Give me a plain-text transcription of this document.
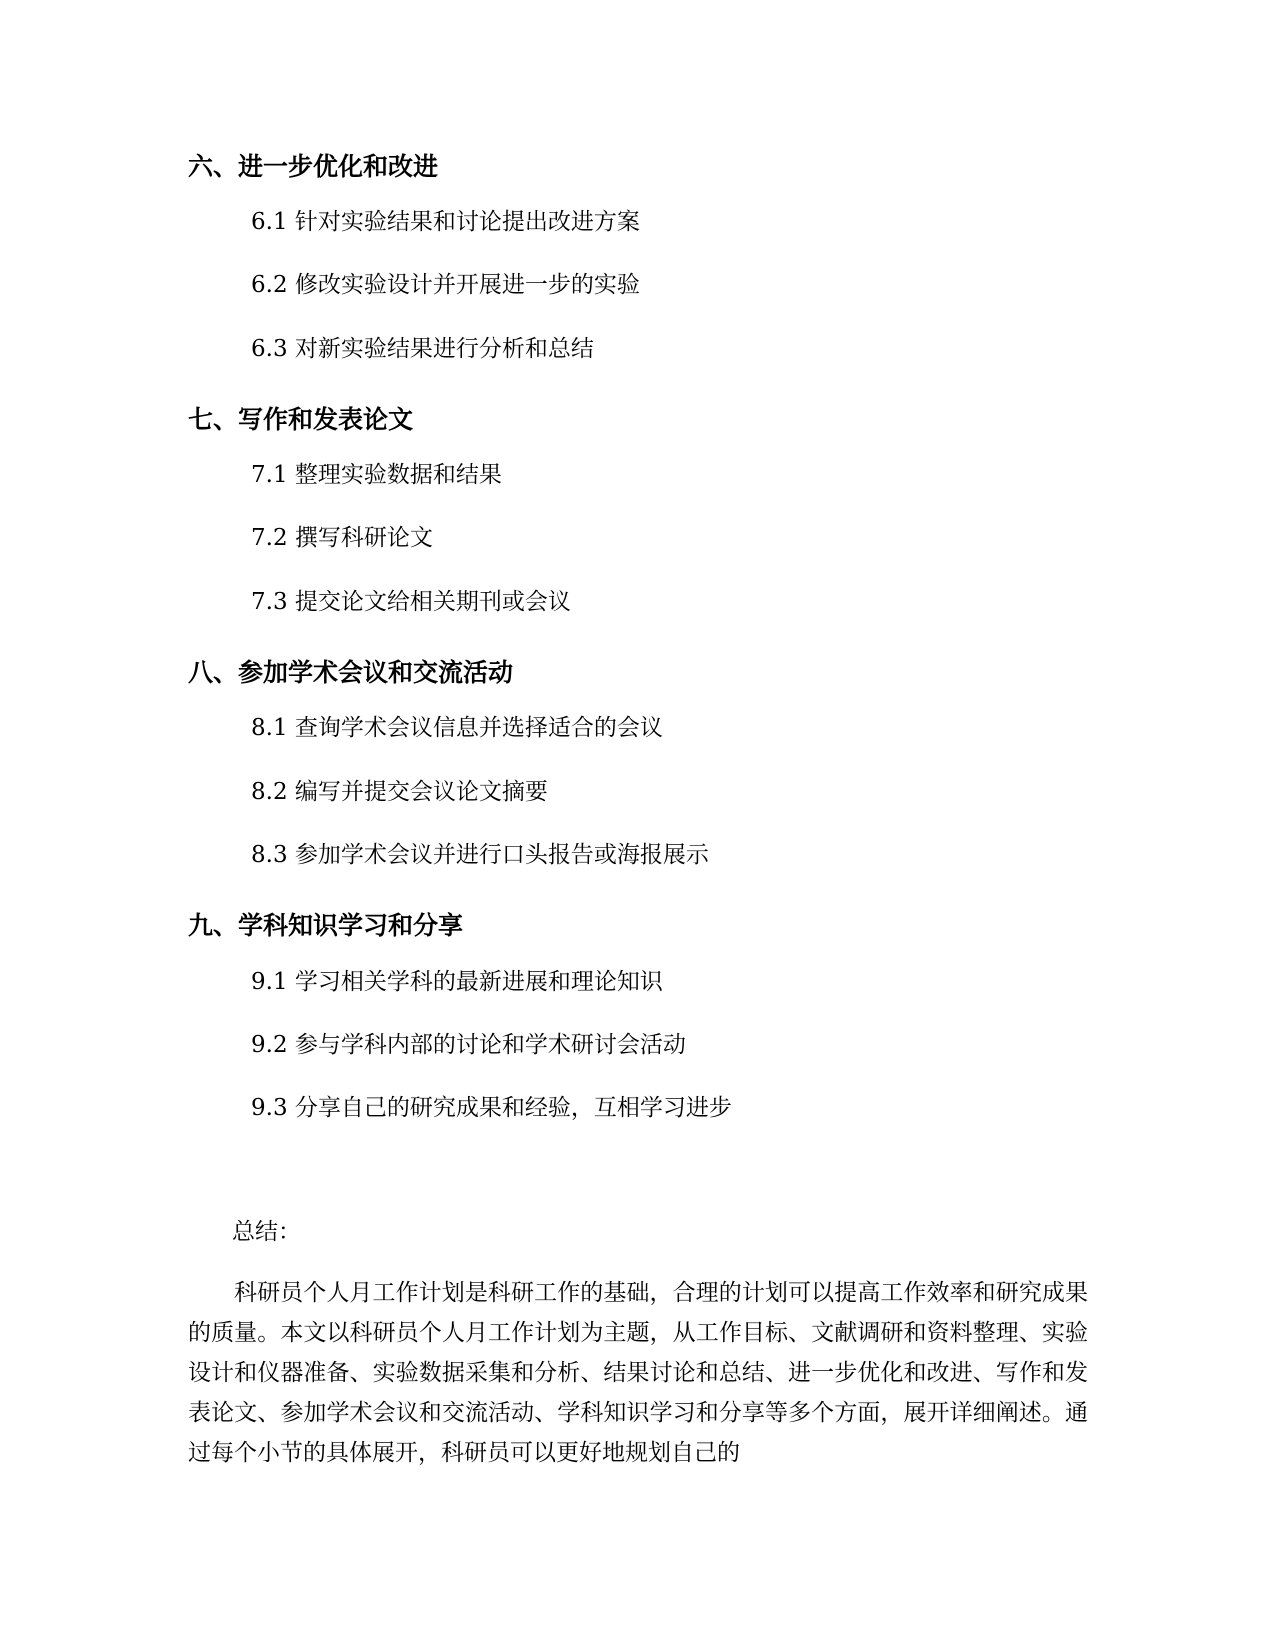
六、进一步优化和改进
6.1 针对实验结果和讨论提出改进方案
6.2 修改实验设计并开展进一步的实验
6.3 对新实验结果进行分析和总结
七、写作和发表论文
7.1 整理实验数据和结果
7.2 撰写科研论文
7.3 提交论文给相关期刊或会议
八、参加学术会议和交流活动
8.1 查询学术会议信息并选择适合的会议
8.2 编写并提交会议论文摘要
8.3 参加学术会议并进行口头报告或海报展示
九、学科知识学习和分享
9.1 学习相关学科的最新进展和理论知识
9.2 参与学科内部的讨论和学术研讨会活动
9.3 分享自己的研究成果和经验，互相学习进步
总结：
科研员个人月工作计划是科研工作的基础，合理的计划可以提高工作效率和研究成果的质量。本文以科研员个人月工作计划为主题，从工作目标、文献调研和资料整理、实验设计和仪器准备、实验数据采集和分析、结果讨论和总结、进一步优化和改进、写作和发表论文、参加学术会议和交流活动、学科知识学习和分享等多个方面，展开详细阐述。通过每个小节的具体展开，科研员可以更好地规划自己的
